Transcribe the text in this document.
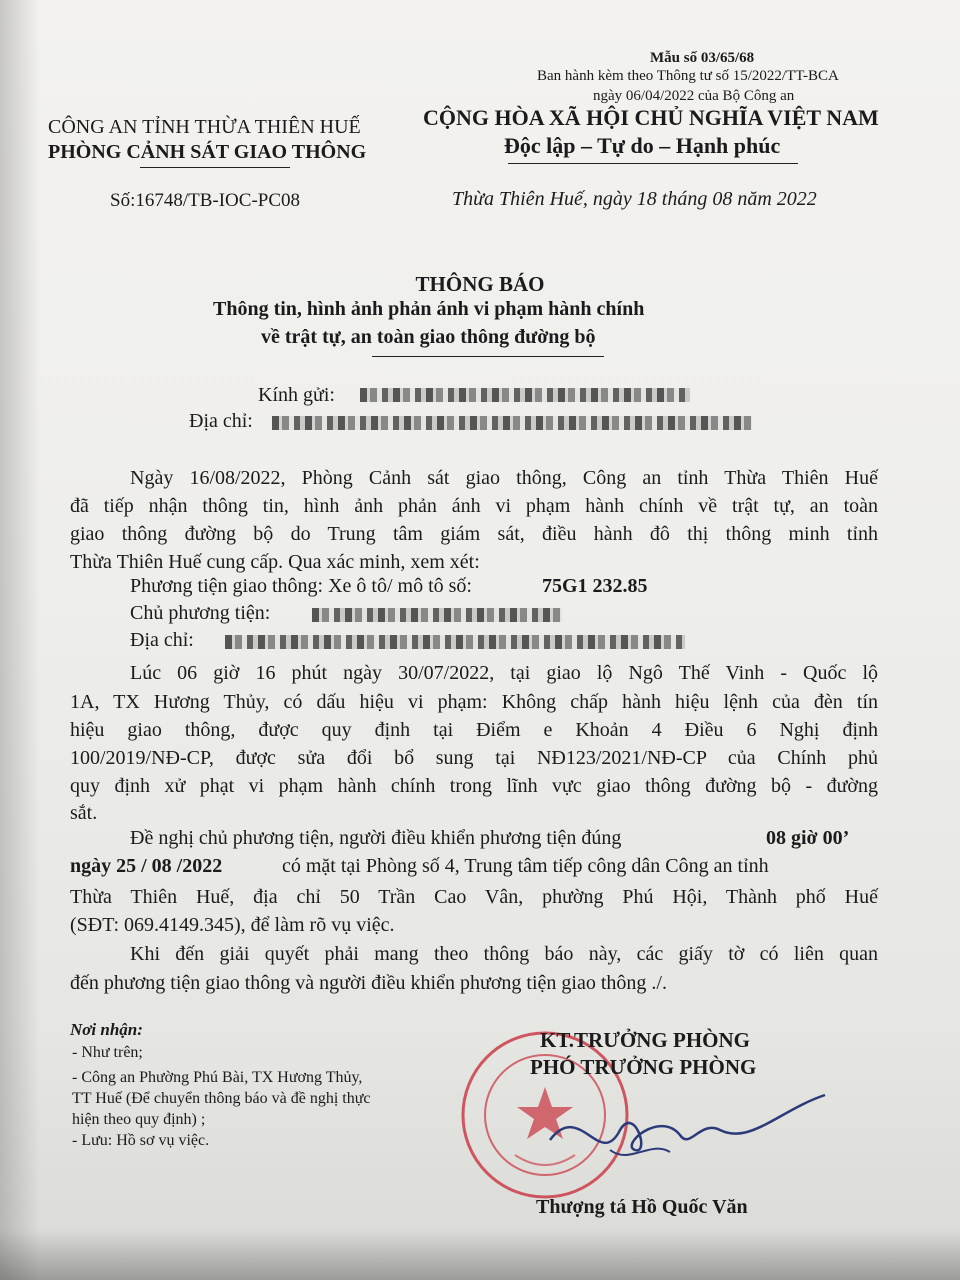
Mẫu số 03/65/68
Ban hành kèm theo Thông tư số 15/2022/TT-BCA
ngày 06/04/2022 của Bộ Công an
CÔNG AN TỈNH THỪA THIÊN HUẾ
PHÒNG CẢNH SÁT GIAO THÔNG
CỘNG HÒA XÃ HỘI CHỦ NGHĨA VIỆT NAM
Độc lập – Tự do – Hạnh phúc
Số:16748/TB-IOC-PC08	Thừa Thiên Huế, ngày 18 tháng 08 năm 2022
THÔNG BÁO
Thông tin, hình ảnh phản ánh vi phạm hành chính
về trật tự, an toàn giao thông đường bộ
Kính gửi:
Địa chỉ:
Ngày 16/08/2022, Phòng Cảnh sát giao thông, Công an tỉnh Thừa Thiên Huế
đã tiếp nhận thông tin, hình ảnh phản ánh vi phạm hành chính về trật tự, an toàn
giao thông đường bộ do Trung tâm giám sát, điều hành đô thị thông minh tỉnh
Thừa Thiên Huế cung cấp. Qua xác minh, xem xét:
Phương tiện giao thông: Xe ô tô/ mô tô số:	75G1 232.85
Chủ phương tiện:
Địa chỉ:
Lúc 06 giờ 16 phút ngày 30/07/2022, tại giao lộ Ngô Thế Vinh - Quốc lộ
1A, TX Hương Thủy, có dấu hiệu vi phạm: Không chấp hành hiệu lệnh của đèn tín
hiệu giao thông, được quy định tại Điểm e Khoản 4 Điều 6 Nghị định
100/2019/NĐ-CP, được sửa đổi bổ sung tại NĐ123/2021/NĐ-CP của Chính phủ
quy định xử phạt vi phạm hành chính trong lĩnh vực giao thông đường bộ - đường
sắt.
Đề nghị chủ phương tiện, người điều khiển phương tiện đúng	08 giờ 00’
ngày 25 / 08 /2022	có mặt tại Phòng số 4, Trung tâm tiếp công dân Công an tỉnh
Thừa Thiên Huế, địa chỉ 50 Trần Cao Vân, phường Phú Hội, Thành phố Huế
(SĐT: 069.4149.345), để làm rõ vụ việc.
Khi đến giải quyết phải mang theo thông báo này, các giấy tờ có liên quan
đến phương tiện giao thông và người điều khiển phương tiện giao thông ./.
Nơi nhận:
- Như trên;
- Công an Phường Phú Bài, TX Hương Thủy,
TT Huế (Để chuyển thông báo và đề nghị thực
hiện theo quy định) ;
- Lưu: Hồ sơ vụ việc.
KT.TRƯỞNG PHÒNG
PHÓ TRƯỞNG PHÒNG
Thượng tá Hồ Quốc Văn
